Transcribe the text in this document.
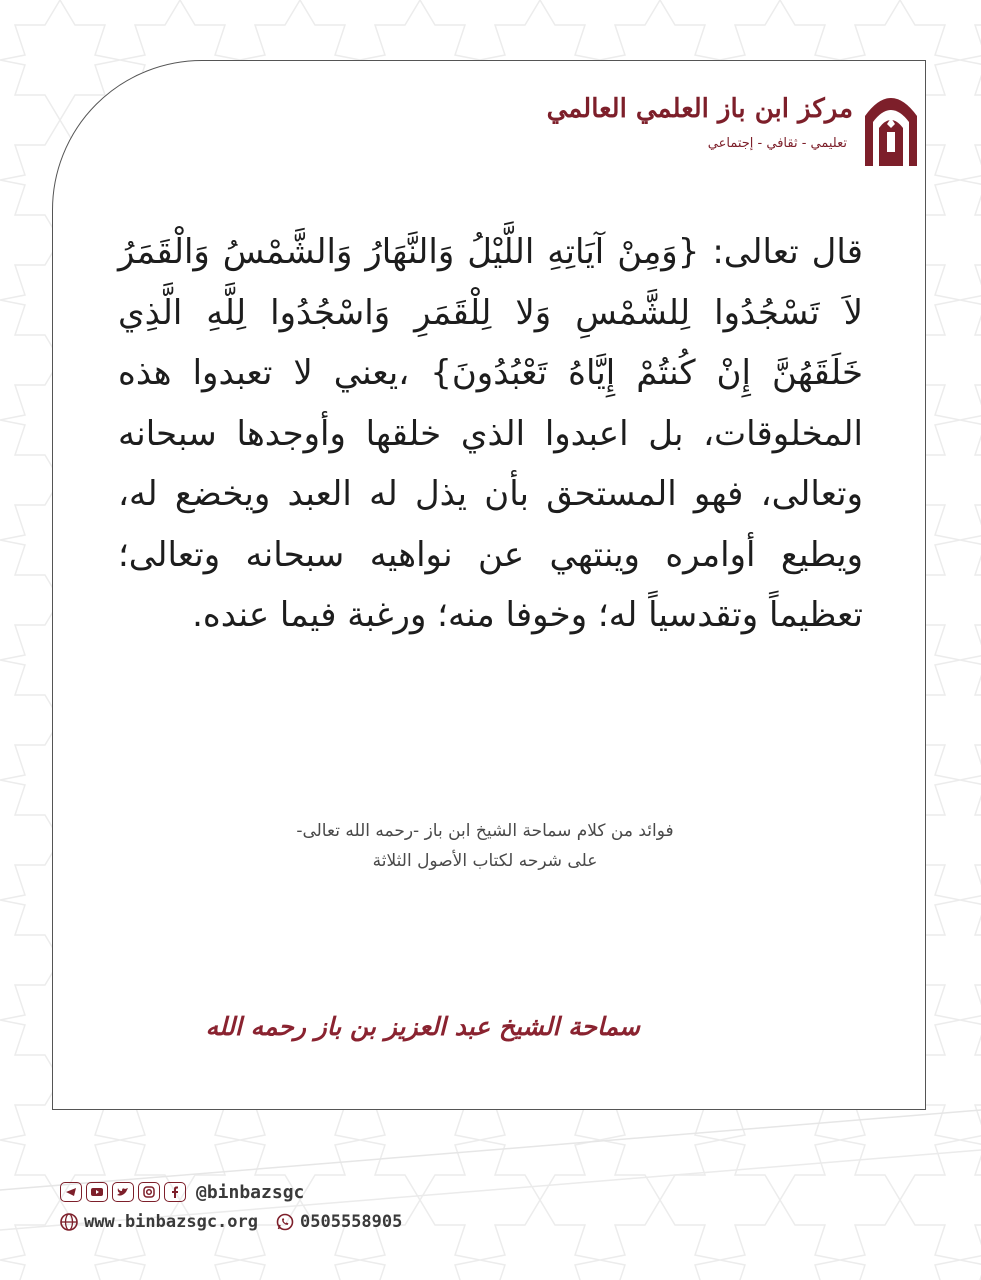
مركز ابن باز العلمي العالمي
تعليمي - ثقافي - إجتماعي
قال تعالى: {وَمِنْ آيَاتِهِ اللَّيْلُ وَالنَّهَارُ وَالشَّمْسُ وَالْقَمَرُ لاَ تَسْجُدُوا لِلشَّمْسِ وَلا لِلْقَمَرِ وَاسْجُدُوا لِلَّهِ الَّذِي خَلَقَهُنَّ إِنْ كُنتُمْ إِيَّاهُ تَعْبُدُونَ} ،يعني لا تعبدوا هذه المخلوقات، بل اعبدوا الذي خلقها وأوجدها سبحانه وتعالى، فهو المستحق بأن يذل له العبد ويخضع له، ويطيع أوامره وينتهي عن نواهيه سبحانه وتعالى؛ تعظيماً وتقدسياً له؛ وخوفا منه؛ ورغبة فيما عنده.
فوائد من كلام سماحة الشيخ ابن باز -رحمه الله تعالى-
على شرحه لكتاب الأصول الثلاثة
سماحة الشيخ عبد العزيز بن باز رحمه الله
@binbazsgc
www.binbazsgc.org 0505558905
